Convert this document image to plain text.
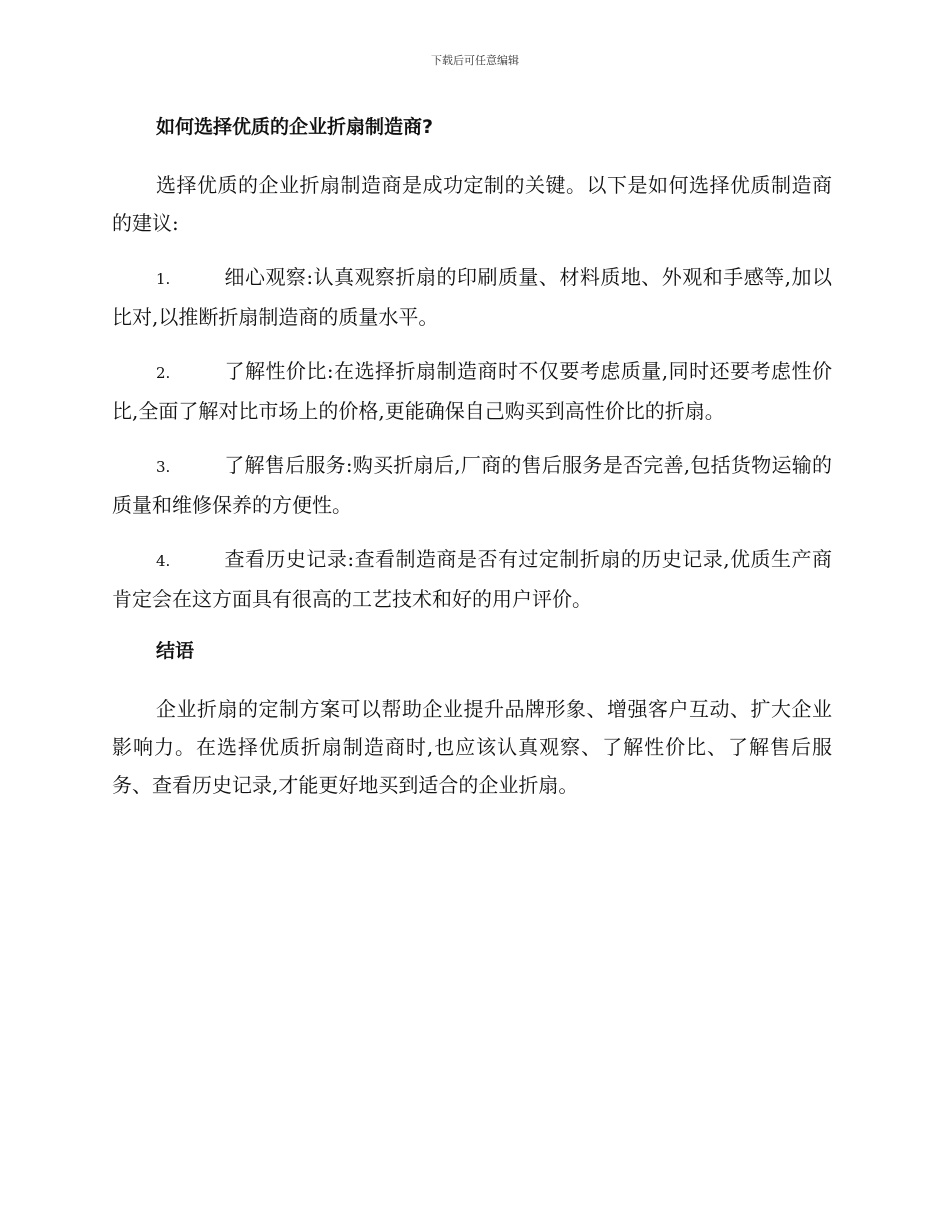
下载后可任意编辑
如何选择优质的企业折扇制造商?

选择优质的企业折扇制造商是成功定制的关键。以下是如何选择优质制造商的建议:

1.	细心观察:认真观察折扇的印刷质量、材料质地、外观和手感等,加以比对,以推断折扇制造商的质量水平。

2.	了解性价比:在选择折扇制造商时不仅要考虑质量,同时还要考虑性价比,全面了解对比市场上的价格,更能确保自己购买到高性价比的折扇。

3.	了解售后服务:购买折扇后,厂商的售后服务是否完善,包括货物运输的质量和维修保养的方便性。

4.	查看历史记录:查看制造商是否有过定制折扇的历史记录,优质生产商肯定会在这方面具有很高的工艺技术和好的用户评价。

结语

企业折扇的定制方案可以帮助企业提升品牌形象、增强客户互动、扩大企业影响力。在选择优质折扇制造商时,也应该认真观察、了解性价比、了解售后服务、查看历史记录,才能更好地买到适合的企业折扇。
